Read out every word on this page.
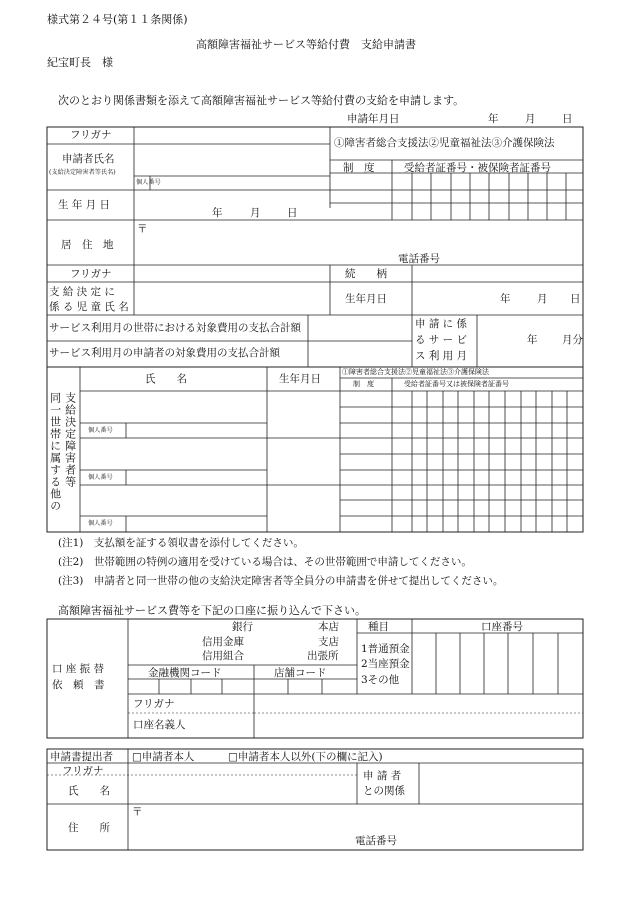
様式第２４号(第１１条関係)
高額障害福祉サービス等給付費　支給申請書
紀宝町長　様
次のとおり関係書類を添えて高額障害福祉サービス等給付費の支給を申請します。
申請年月日	年	月	日
フリガナ
申請者氏名
(支給決定障害者等氏名)
個人番号
①障害者総合支援法②児童福祉法③介護保険法
制　度	受給者証番号・被保険者証番号
生 年 月 日
年	月	日
居　住　地
〒
電話番号
フリガナ	続　　柄
支 給 決 定 に
係 る 児 童 氏 名
生年月日	年	月 日
サービス利用月の世帯における対象費用の支払合計額
サービス利用月の申請者の対象費用の支払合計額
申 請 に 係
る サ ー ビ
ス 利 用 月
年 月分
同一世帯に属する他の 支給決定障害者等
氏　　名	生年月日
①障害者総合支援法②児童福祉法③介護保険法
制　度	受給者証番号又は被保険者証番号
個人番号
個人番号
個人番号
(注1)　支払額を証する領収書を添付してください。
(注2)　世帯範囲の特例の適用を受けている場合は、その世帯範囲で申請してください。
(注3)　申請者と同一世帯の他の支給決定障害者等全員分の申請書を併せて提出してください。
高額障害福祉サービス費等を下記の口座に振り込んで下さい。
口 座 振 替
依　頼　書
銀行
信用金庫
信用組合
本店
支店
出張所
金融機関コード	店舗コード
種目
1普通預金
2当座預金
3その他
口座番号
フリガナ
口座名義人
申請書提出者 □申請者本人	□申請者本人以外(下の欄に記入)
フリガナ
氏　　名
申 請 者
との関係
住　　所
〒
電話番号
